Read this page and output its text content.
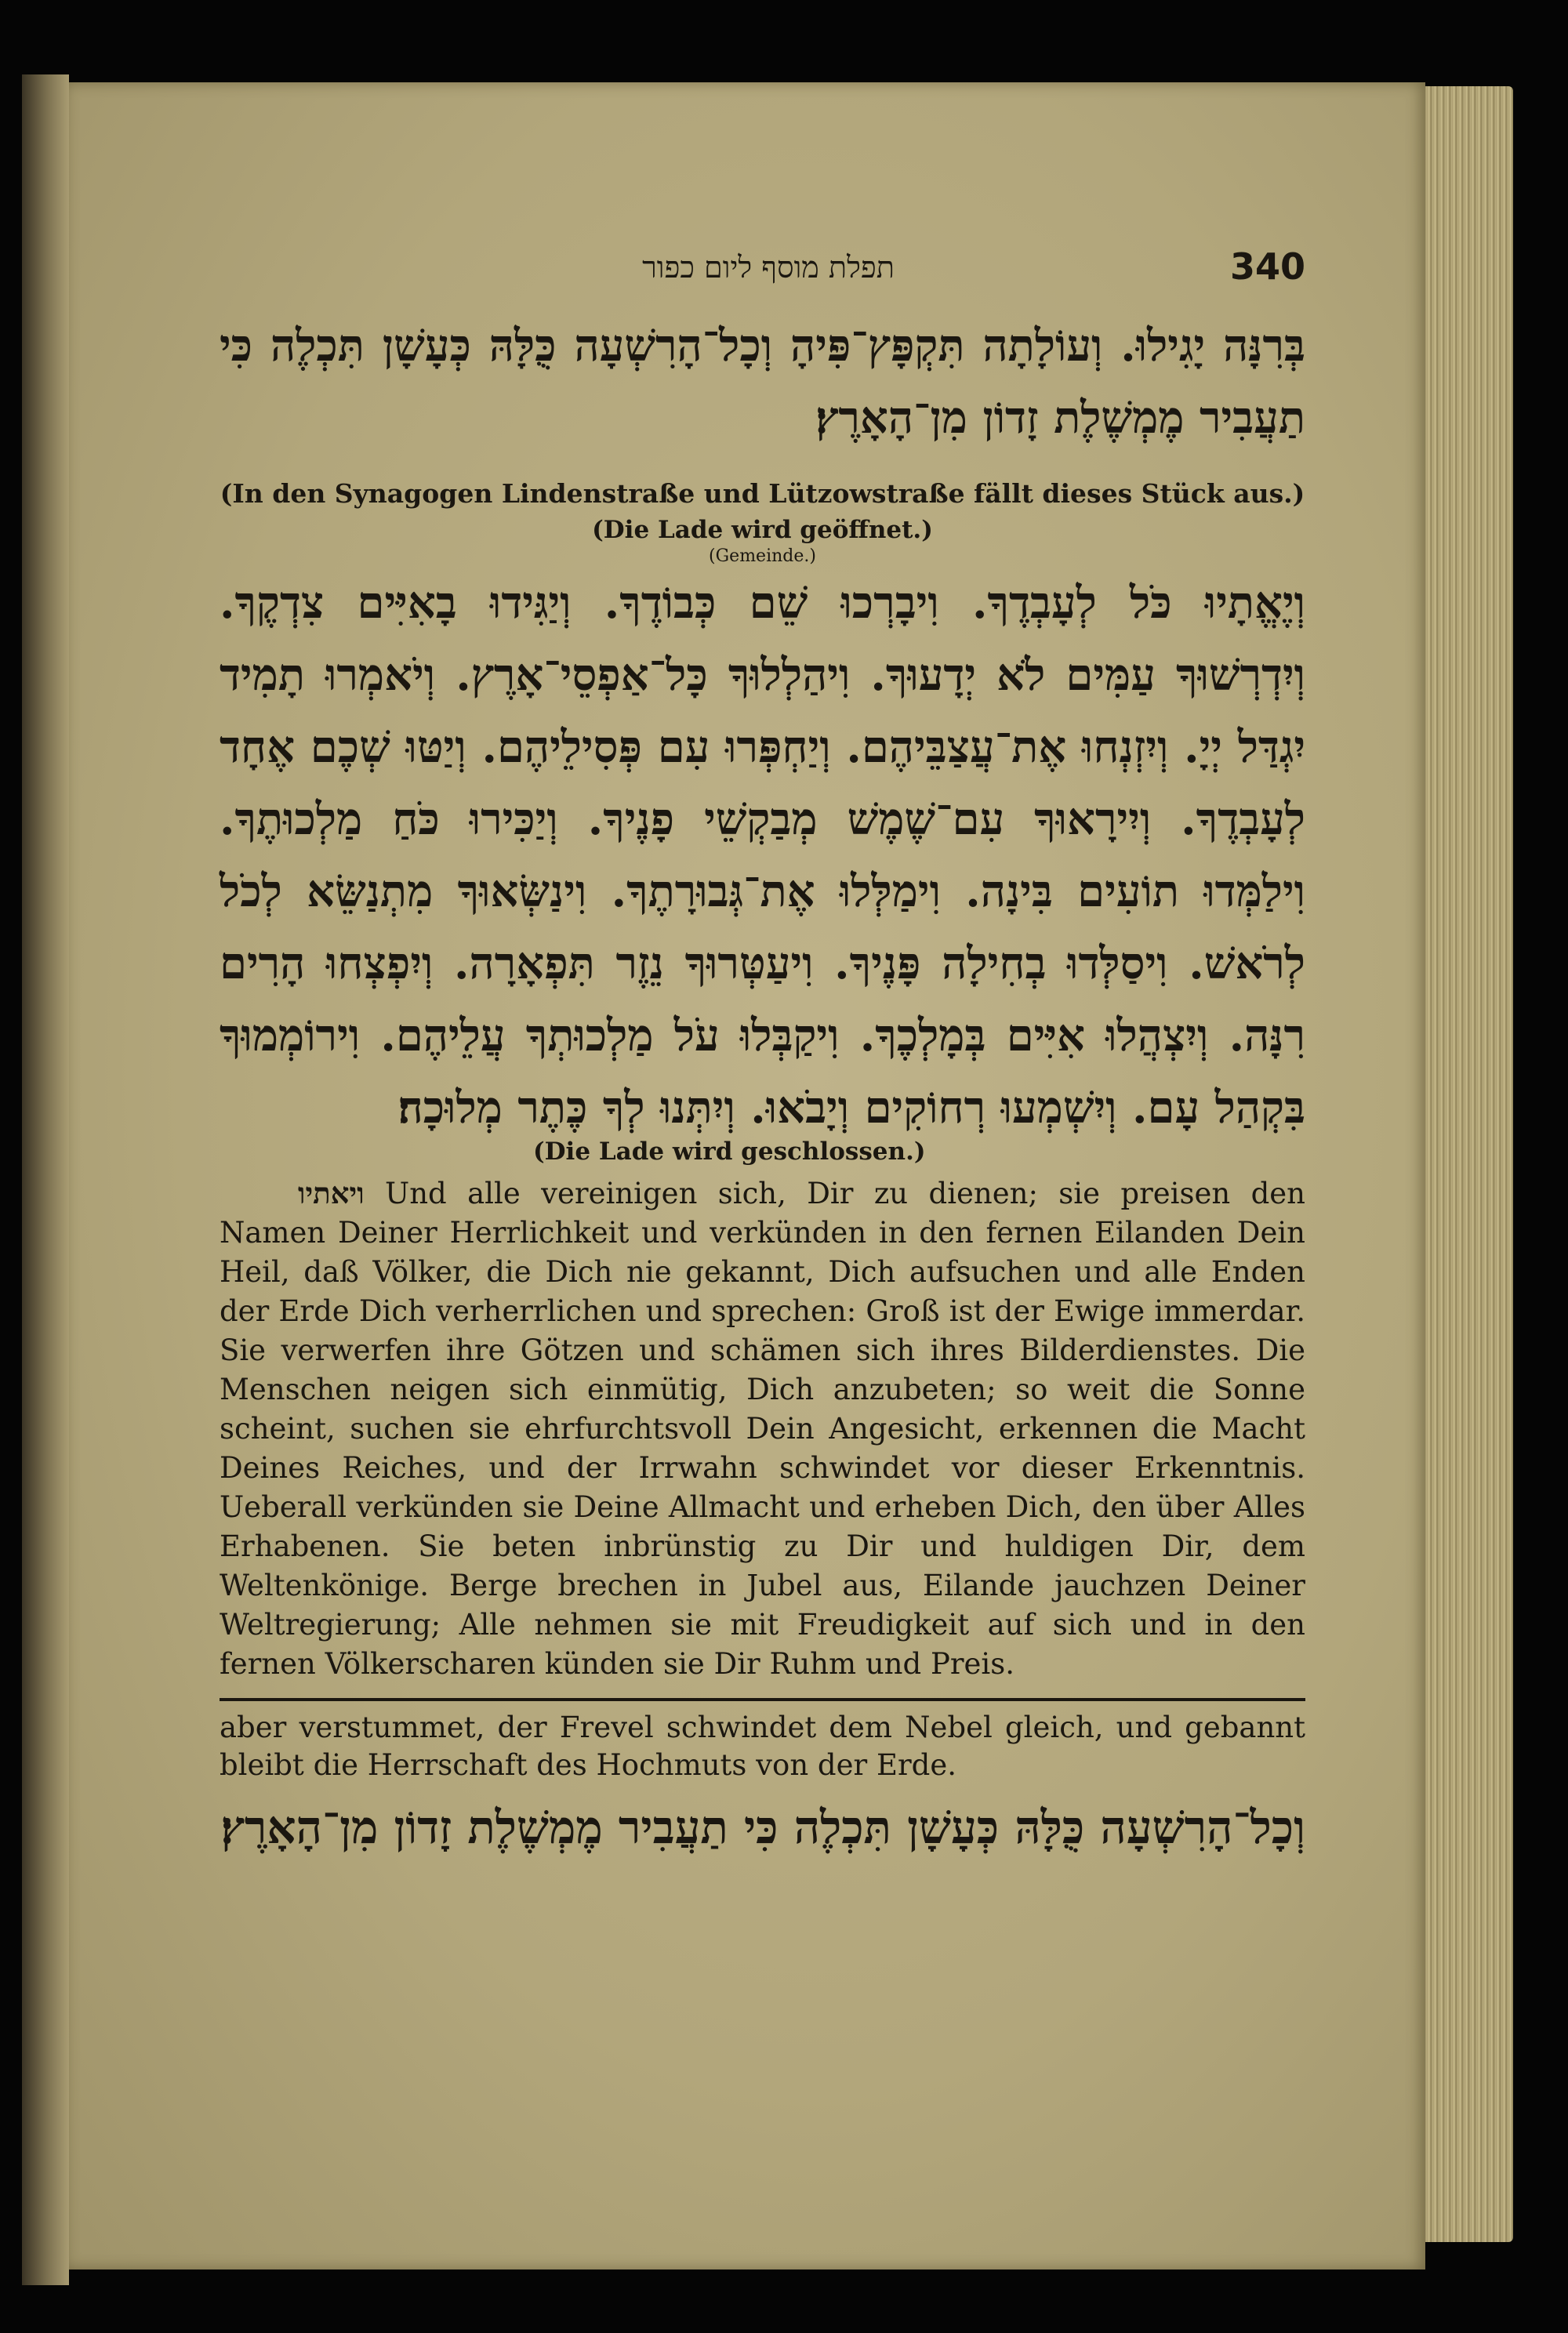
תפלת מוסף ליום כפור	340

בְּרִנָּה יָגִילוּ. וְעוֹלָתָה תִּקְפָּץ־פִּיהָ וְכָל־הָרִשְׁעָה כֻּלָּהּ כְּעָשָׁן תִּכְלֶה כִּי תַעֲבִיר מֶמְשֶׁלֶת זָדוֹן מִן־הָאָרֶץ׃

(In den Synagogen Lindenstraße und Lützowstraße fällt dieses Stück aus.)

(Die Lade wird geöffnet.)

(Gemeinde.)

וְיֶאֱתָיוּ כֹּל לְעָבְדֶךָ. וִיבָרְכוּ שֵׁם כְּבוֹדֶךָ. וְיַגִּידוּ בָאִיִּים צִדְקֶךָ. וְיִדְרְשׁוּךָ עַמִּים לֹא יְדָעוּךָ. וִיהַלְלוּךָ כָּל־אַפְסֵי־אָרֶץ. וְיֹאמְרוּ תָמִיד יִגְדַּל יְיָ. וְיִזְנְחוּ אֶת־עֲצַבֵּיהֶם. וְיַחְפְּרוּ עִם פְּסִילֵיהֶם. וְיַטּוּ שְׁכֶם אֶחָד לְעָבְדֶךָ. וְיִירָאוּךָ עִם־שֶׁמֶשׁ מְבַקְשֵׁי פָנֶיךָ. וְיַכִּירוּ כֹּחַ מַלְכוּתֶךָ. וִילַמְּדוּ תוֹעִים בִּינָה. וִימַלְּלוּ אֶת־גְּבוּרָתֶךָ. וִינַשְּׂאוּךָ מִתְנַשֵּׂא לְכֹל לְרֹאשׁ. וִיסַלְּדוּ בְחִילָה פָּנֶיךָ. וִיעַטְּרוּךָ נֵזֶר תִּפְאָרָה. וְיִפְצְחוּ הָרִים רִנָּה. וְיִצְהֲלוּ אִיִּים בְּמָלְכֶךָ. וִיקַבְּלוּ עֹל מַלְכוּתְךָ עֲלֵיהֶם. וִירוֹמְמוּךָ בִּקְהַל עָם. וְיִשְׁמְעוּ רְחוֹקִים וְיָבֹאוּ. וְיִתְּנוּ לְךָ כֶּתֶר מְלוּכָה׃

(Die Lade wird geschlossen.)

ויאתיו Und alle vereinigen sich, Dir zu dienen; sie preisen den Namen Deiner Herrlichkeit und verkünden in den fernen Eilanden Dein Heil, daß Völker, die Dich nie gekannt, Dich aufsuchen und alle Enden der Erde Dich verherrlichen und sprechen: Groß ist der Ewige immerdar. Sie verwerfen ihre Götzen und schämen sich ihres Bilderdienstes. Die Menschen neigen sich einmütig, Dich anzubeten; so weit die Sonne scheint, suchen sie ehrfurchtsvoll Dein Angesicht, erkennen die Macht Deines Reiches, und der Irrwahn schwindet vor dieser Erkenntnis. Ueberall verkünden sie Deine Allmacht und erheben Dich, den über Alles Erhabenen. Sie beten inbrünstig zu Dir und huldigen Dir, dem Weltenkönige. Berge brechen in Jubel aus, Eilande jauchzen Deiner Weltregierung; Alle nehmen sie mit Freudigkeit auf sich und in den fernen Völkerscharen künden sie Dir Ruhm und Preis.

aber verstummet, der Frevel schwindet dem Nebel gleich, und gebannt bleibt die Herrschaft des Hochmuts von der Erde.

וְכָל־הָרִשְׁעָה כֻּלָּהּ כְּעָשָׁן תִּכְלֶה כִּי תַעֲבִיר מֶמְשֶׁלֶת זָדוֹן מִן־הָאָרֶץ׃
